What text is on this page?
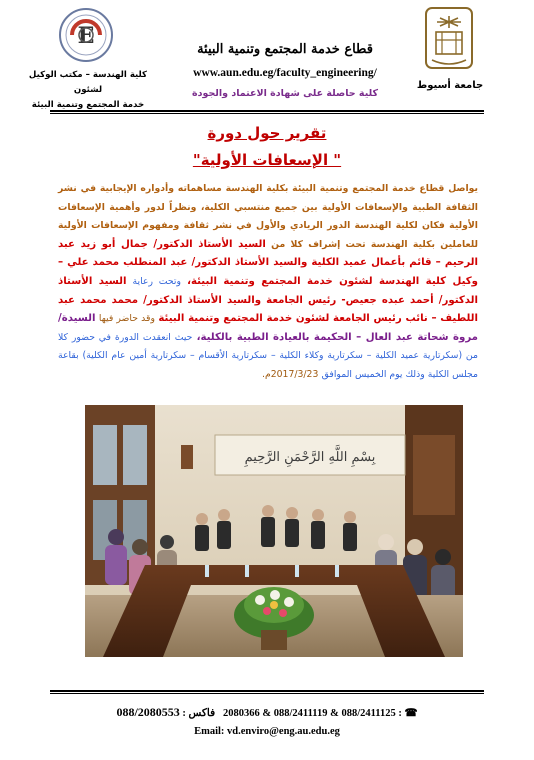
E
كلية الهندسة – مكتب الوكيل لشئون
خدمة المجتمع وتنمية البيئة
قطاع خدمة المجتمع وتنمية البيئة
www.aun.edu.eg/faculty_engineering/
كلية حاصلة على شهادة الاعتماد والجودة
جامعة أسيوط
تقرير حول دورة
" الإسعافات الأولية"
يواصل قطاع خدمة المجتمع وتنمية البيئة بكلية الهندسة مساهماته وأدواره الإيجابية في نشر الثقافة الطبية والإسعافات الأولية بين جميع منتسبي الكلية، ونظراً لدور وأهمية الإسعافات الأولية فكان لكلية الهندسة الدور الريادي والأول في نشر ثقافة ومفهوم الإسعافات الأولية للعاملين بكلية الهندسة تحت إشراف كلا من السيد الأستاذ الدكتور/ جمال أبو زيد عبد الرحيم – قائم بأعمال عميد الكلية والسيد الأستاذ الدكتور/ عبد المنطلب محمد علي – وكيل كلية الهندسة لشئون خدمة المجتمع وتنمية البيئة، وتحت رعاية السيد الأستاذ الدكتور/ أحمد عبده جعيص- رئيس الجامعة والسيد الأستاذ الدكتور/ محمد محمد عبد اللطيف – نائب رئيس الجامعة لشئون خدمة المجتمع وتنمية البيئة وقد حاضر فيها السيدة/ مروة شحاتة عبد العال – الحكيمة بالعيادة الطبية بالكلية، حيث انعقدت الدورة في حضور كلا من (سكرتارية عميد الكلية – سكرتارية وكلاء الكلية – سكرتارية الأقسام – سكرتارية أمين عام الكلية) بقاعة مجلس الكلية وذلك يوم الخميس الموافق 2017/3/23م.
بِسْمِ اللَّهِ الرَّحْمَنِ الرَّحِيمِ
☎ : 088/2411125 & 088/2411119 & 2080366   فاكس : 088/2080553
Email: vd.enviro@eng.au.edu.eg
